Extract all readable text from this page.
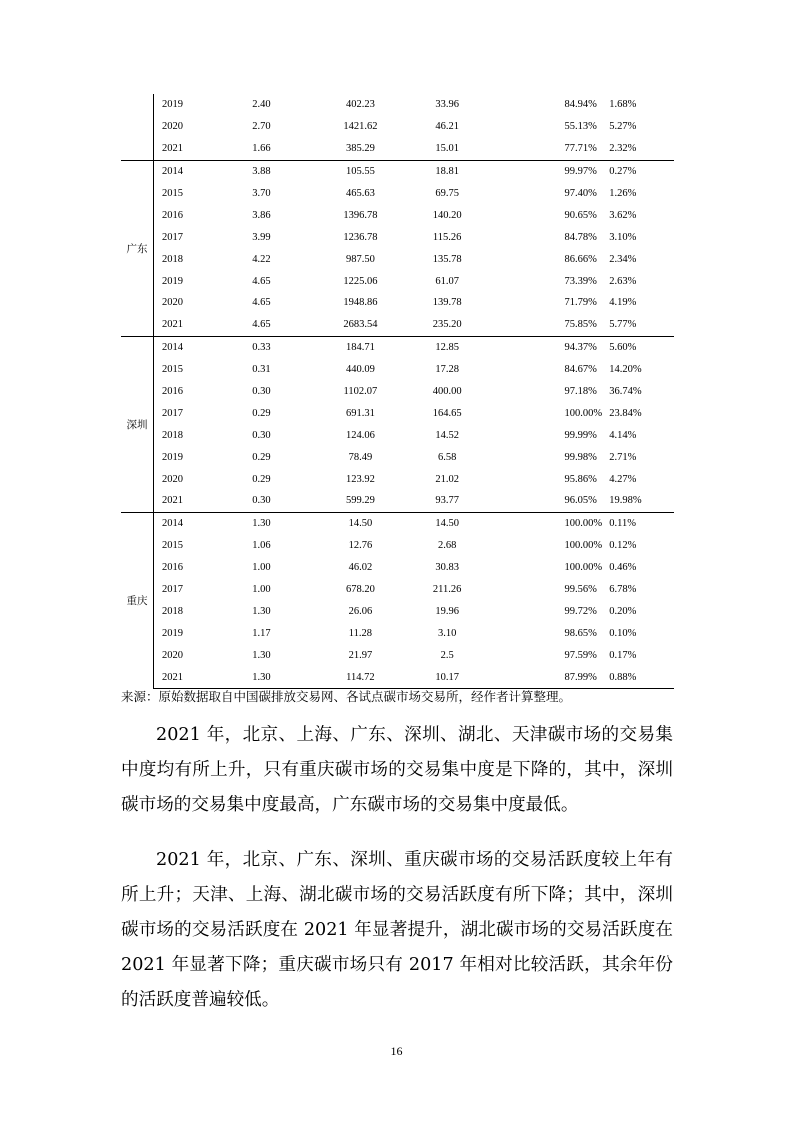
	2019	2.40	402.23	33.96	84.94%	1.68%
	2020	2.70	1421.62	46.21	55.13%	5.27%
	2021	1.66	385.29	15.01	77.71%	2.32%
广东	2014	3.88	105.55	18.81	99.97%	0.27%
	2015	3.70	465.63	69.75	97.40%	1.26%
	2016	3.86	1396.78	140.20	90.65%	3.62%
	2017	3.99	1236.78	115.26	84.78%	3.10%
	2018	4.22	987.50	135.78	86.66%	2.34%
	2019	4.65	1225.06	61.07	73.39%	2.63%
	2020	4.65	1948.86	139.78	71.79%	4.19%
	2021	4.65	2683.54	235.20	75.85%	5.77%
深圳	2014	0.33	184.71	12.85	94.37%	5.60%
	2015	0.31	440.09	17.28	84.67%	14.20%
	2016	0.30	1102.07	400.00	97.18%	36.74%
	2017	0.29	691.31	164.65	100.00%	23.84%
	2018	0.30	124.06	14.52	99.99%	4.14%
	2019	0.29	78.49	6.58	99.98%	2.71%
	2020	0.29	123.92	21.02	95.86%	4.27%
	2021	0.30	599.29	93.77	96.05%	19.98%
重庆	2014	1.30	14.50	14.50	100.00%	0.11%
	2015	1.06	12.76	2.68	100.00%	0.12%
	2016	1.00	46.02	30.83	100.00%	0.46%
	2017	1.00	678.20	211.26	99.56%	6.78%
	2018	1.30	26.06	19.96	99.72%	0.20%
	2019	1.17	11.28	3.10	98.65%	0.10%
	2020	1.30	21.97	2.5	97.59%	0.17%
	2021	1.30	114.72	10.17	87.99%	0.88%
来源：原始数据取自中国碳排放交易网、各试点碳市场交易所，经作者计算整理。

2021 年，北京、上海、广东、深圳、湖北、天津碳市场的交易集中度均有所上升，只有重庆碳市场的交易集中度是下降的，其中，深圳碳市场的交易集中度最高，广东碳市场的交易集中度最低。

2021 年，北京、广东、深圳、重庆碳市场的交易活跃度较上年有所上升；天津、上海、湖北碳市场的交易活跃度有所下降；其中，深圳碳市场的交易活跃度在 2021 年显著提升，湖北碳市场的交易活跃度在 2021 年显著下降；重庆碳市场只有 2017 年相对比较活跃，其余年份的活跃度普遍较低。

16
